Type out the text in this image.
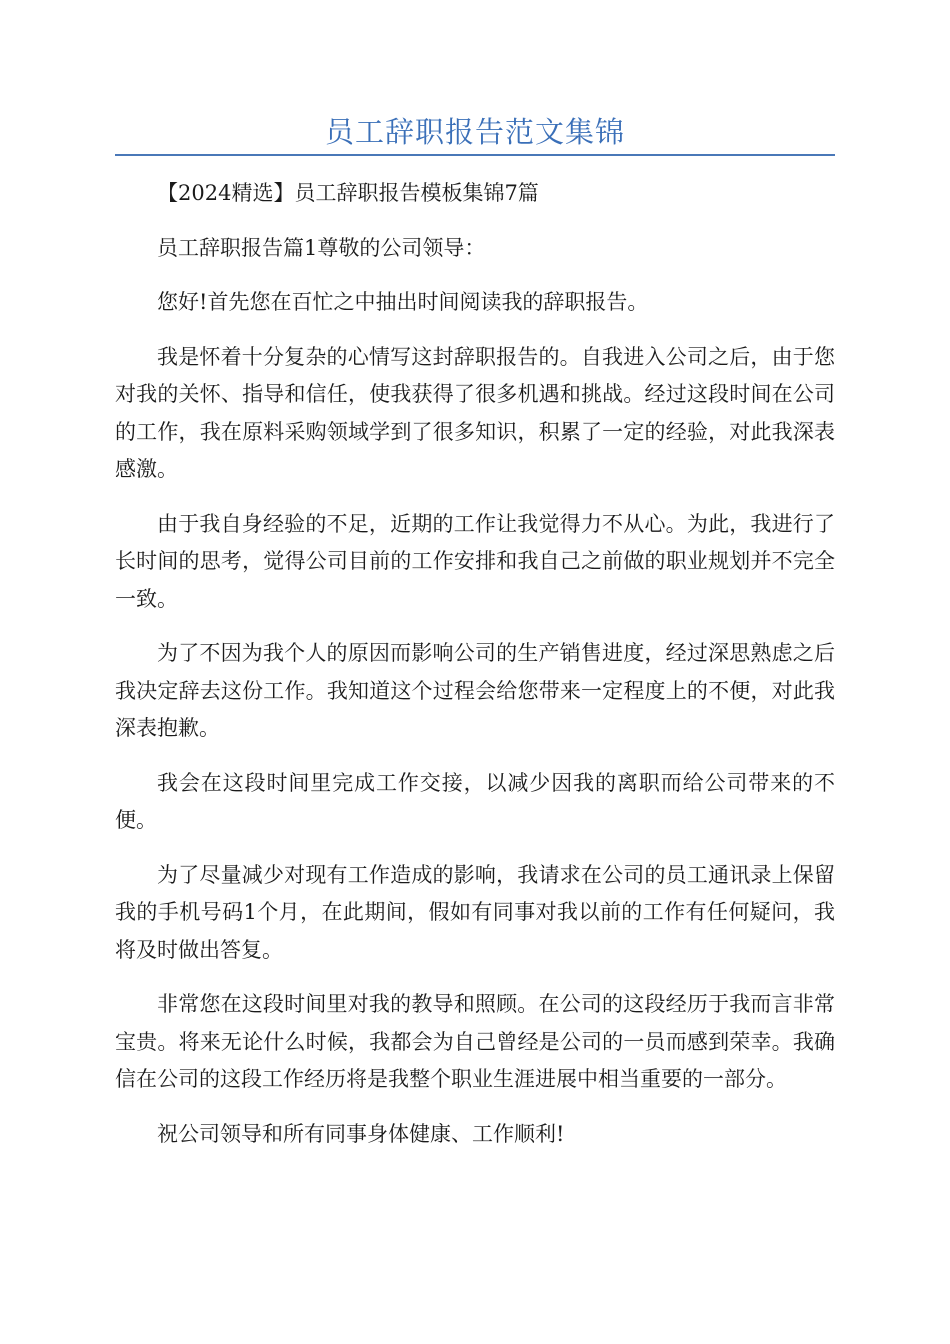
员工辞职报告范文集锦

【2024精选】员工辞职报告模板集锦7篇

员工辞职报告篇1尊敬的公司领导：

您好!首先您在百忙之中抽出时间阅读我的辞职报告。

我是怀着十分复杂的心情写这封辞职报告的。自我进入公司之后，由于您对我的关怀、指导和信任，使我获得了很多机遇和挑战。经过这段时间在公司的工作，我在原料采购领域学到了很多知识，积累了一定的经验，对此我深表感激。

由于我自身经验的不足，近期的工作让我觉得力不从心。为此，我进行了长时间的思考，觉得公司目前的工作安排和我自己之前做的职业规划并不完全一致。

为了不因为我个人的原因而影响公司的生产销售进度，经过深思熟虑之后我决定辞去这份工作。我知道这个过程会给您带来一定程度上的不便，对此我深表抱歉。

我会在这段时间里完成工作交接，以减少因我的离职而给公司带来的不便。

为了尽量减少对现有工作造成的影响，我请求在公司的员工通讯录上保留我的手机号码1个月，在此期间，假如有同事对我以前的工作有任何疑问，我将及时做出答复。

非常您在这段时间里对我的教导和照顾。在公司的这段经历于我而言非常宝贵。将来无论什么时候，我都会为自己曾经是公司的一员而感到荣幸。我确信在公司的这段工作经历将是我整个职业生涯进展中相当重要的一部分。

祝公司领导和所有同事身体健康、工作顺利!
